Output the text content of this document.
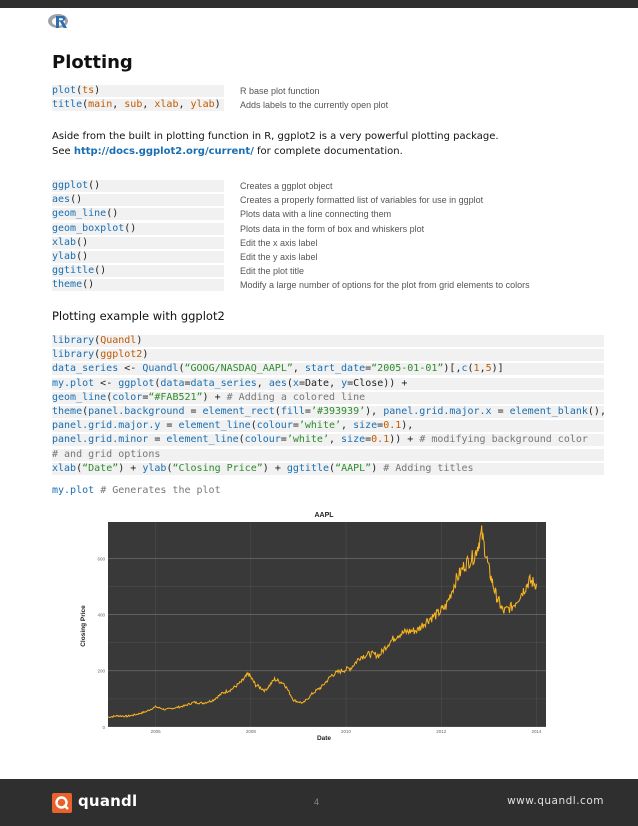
Plotting
plot(ts)	R base plot function
title(main, sub, xlab, ylab) Adds labels to the currently open plot
Aside from the built in plotting function in R, ggplot2 is a very powerful plotting package.
See http://docs.ggplot2.org/current/ for complete documentation.
ggplot()	Creates a ggplot object
aes()	Creates a properly formatted list of variables for use in ggplot
geom_line()	Plots data with a line connecting them
geom_boxplot()	Plots data in the form of box and whiskers plot
xlab()	Edit the x axis label
ylab()	Edit the y axis label
ggtitle()	Edit the plot title
theme()	Modify a large number of options for the plot from grid elements to colors
Plotting example with ggplot2
library(Quandl)
library(ggplot2)
data_series <- Quandl(“GOOG/NASDAQ_AAPL”, start_date=“2005-01-01”)[,c(1,5)]
my.plot <- ggplot(data=data_series, aes(x=Date, y=Close)) +
geom_line(color=“#FAB521”) + # Adding a colored line
theme(panel.background = element_rect(fill=’#393939’), panel.grid.major.x = element_blank(),
panel.grid.major.y = element_line(colour=’white’, size=0.1),
panel.grid.minor = element_line(colour=’white’, size=0.1)) + # modifying background color
# and grid options
xlab(“Date”) + ylab(“Closing Price”) + ggtitle(“AAPL”) # Adding titles
my.plot # Generates the plot
AAPL
0
200
400
600
2006	2008	2010	2012	2014
Date
Closing Price
quandl	4	www.quandl.com
